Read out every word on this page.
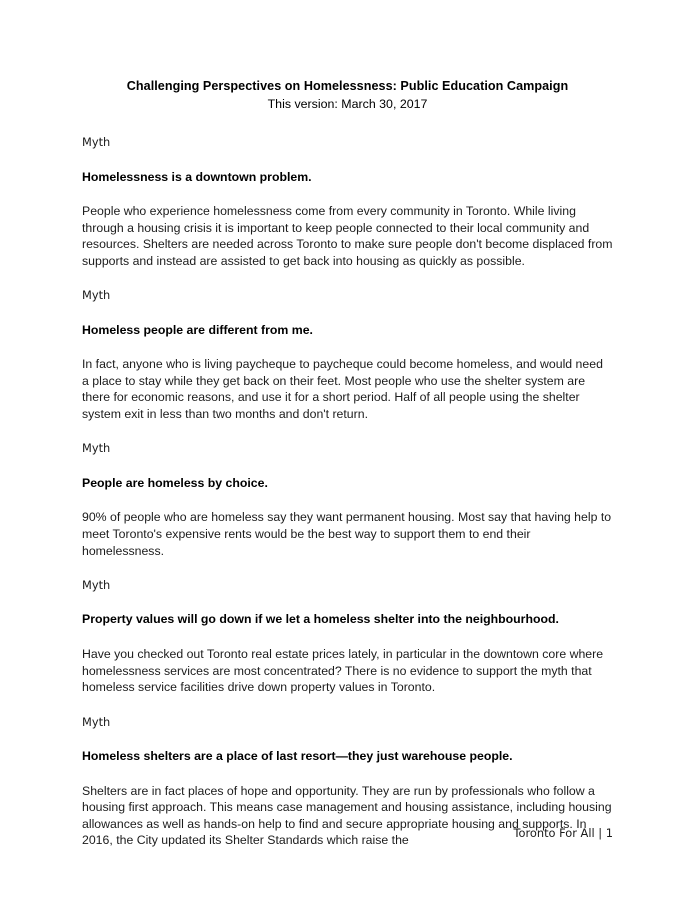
Challenging Perspectives on Homelessness: Public Education Campaign

This version: March 30, 2017

Myth

Homelessness is a downtown problem.

People who experience homelessness come from every community in Toronto. While living through a housing crisis it is important to keep people connected to their local community and resources. Shelters are needed across Toronto to make sure people don't become displaced from supports and instead are assisted to get back into housing as quickly as possible.

Myth

Homeless people are different from me.

In fact, anyone who is living paycheque to paycheque could become homeless, and would need a place to stay while they get back on their feet. Most people who use the shelter system are there for economic reasons, and use it for a short period. Half of all people using the shelter system exit in less than two months and don't return.

Myth

People are homeless by choice.

90% of people who are homeless say they want permanent housing. Most say that having help to meet Toronto's expensive rents would be the best way to support them to end their homelessness.

Myth

Property values will go down if we let a homeless shelter into the neighbourhood.

Have you checked out Toronto real estate prices lately, in particular in the downtown core where homelessness services are most concentrated? There is no evidence to support the myth that homeless service facilities drive down property values in Toronto.

Myth

Homeless shelters are a place of last resort—they just warehouse people.

Shelters are in fact places of hope and opportunity. They are run by professionals who follow a housing first approach. This means case management and housing assistance, including housing allowances as well as hands-on help to find and secure appropriate housing and supports. In 2016, the City updated its Shelter Standards which raise the

Toronto For All | 1
